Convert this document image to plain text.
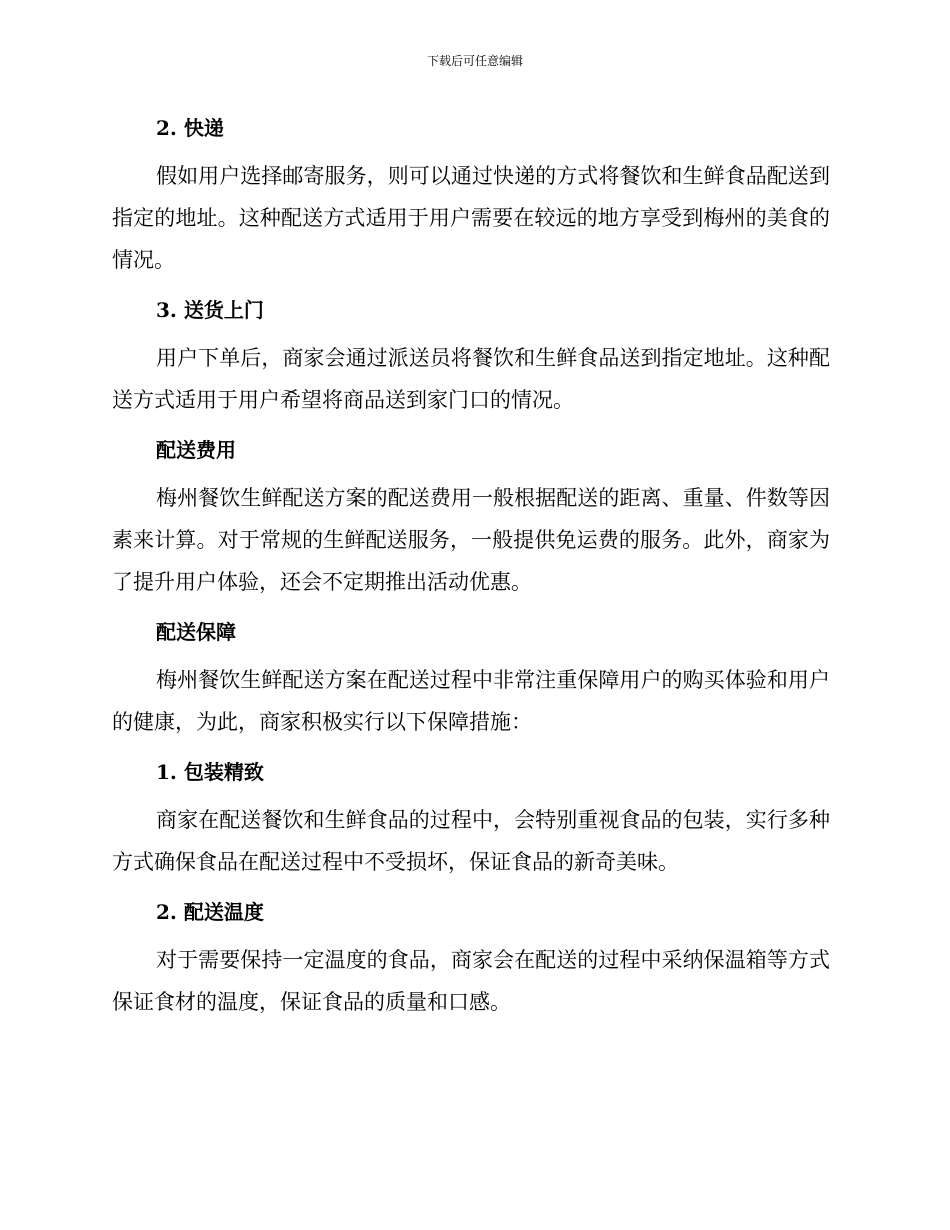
下载后可任意编辑
2. 快递

假如用户选择邮寄服务，则可以通过快递的方式将餐饮和生鲜食品配送到指定的地址。这种配送方式适用于用户需要在较远的地方享受到梅州的美食的情况。

3. 送货上门

用户下单后，商家会通过派送员将餐饮和生鲜食品送到指定地址。这种配送方式适用于用户希望将商品送到家门口的情况。

配送费用

梅州餐饮生鲜配送方案的配送费用一般根据配送的距离、重量、件数等因素来计算。对于常规的生鲜配送服务，一般提供免运费的服务。此外，商家为了提升用户体验，还会不定期推出活动优惠。

配送保障

梅州餐饮生鲜配送方案在配送过程中非常注重保障用户的购买体验和用户的健康，为此，商家积极实行以下保障措施：

1. 包装精致

商家在配送餐饮和生鲜食品的过程中，会特别重视食品的包装，实行多种方式确保食品在配送过程中不受损坏，保证食品的新奇美味。

2. 配送温度

对于需要保持一定温度的食品，商家会在配送的过程中采纳保温箱等方式保证食材的温度，保证食品的质量和口感。
